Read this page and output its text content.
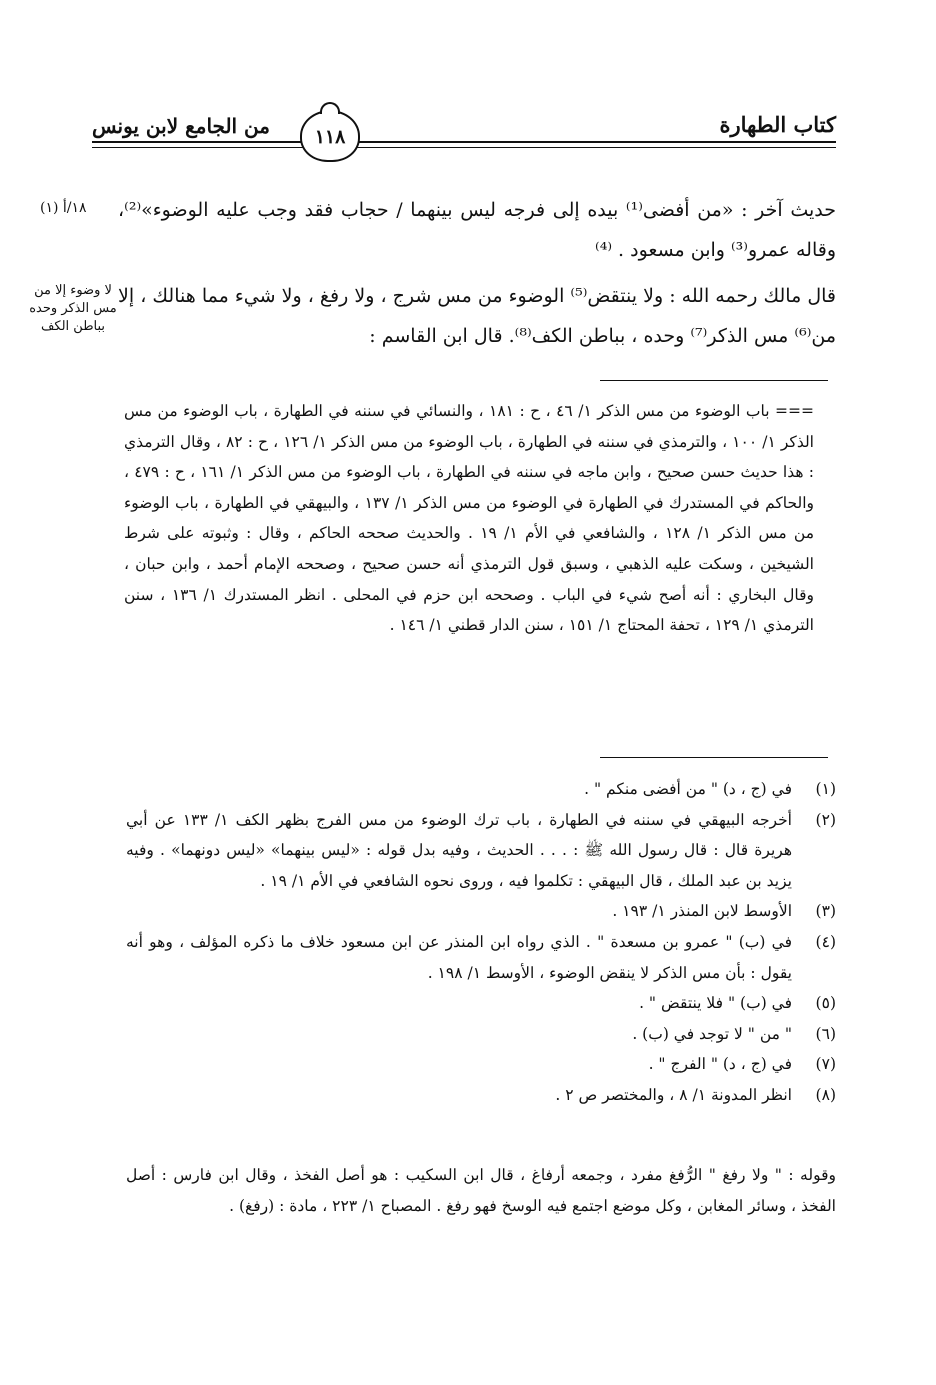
كتاب الطهارة
من الجامع لابن يونس	١١٨
١٨/أ (١)
لا وضوء إلا من مس الذكر وحده بباطن الكف
حديث آخر : «من أفضى⁽¹⁾ بيده إلى فرجه ليس بينهما / حجاب فقد وجب عليه الوضوء»⁽²⁾، وقاله عمرو⁽³⁾ وابن مسعود . ⁽⁴⁾
قال مالك رحمه الله : ولا ينتقض⁽⁵⁾ الوضوء من مس شرج ، ولا رفغ ، ولا شيء مما هنالك ، إلا من⁽⁶⁾ مس الذكر⁽⁷⁾ وحده ، بباطن الكف⁽⁸⁾. قال ابن القاسم :
=== باب الوضوء من مس الذكر ١/ ٤٦ ، ح : ١٨١ ، والنسائي في سننه في الطهارة ، باب الوضوء من مس الذكر ١/ ١٠٠ ، والترمذي في سننه في الطهارة ، باب الوضوء من مس الذكر ١/ ١٢٦ ، ح : ٨٢ ، وقال الترمذي : هذا حديث حسن صحيح ، وابن ماجه في سننه في الطهارة ، باب الوضوء من مس الذكر ١/ ١٦١ ، ح : ٤٧٩ ، والحاكم في المستدرك في الطهارة في الوضوء من مس الذكر ١/ ١٣٧ ، والبيهقي في الطهارة ، باب الوضوء من مس الذكر ١/ ١٢٨ ، والشافعي في الأم ١/ ١٩ . والحديث صححه الحاكم ، وقال : وثبوته على شرط الشيخين ، وسكت عليه الذهبي ، وسبق قول الترمذي أنه حسن صحيح ، وصححه الإمام أحمد ، وابن حبان ، وقال البخاري : أنه أصح شيء في الباب . وصححه ابن حزم في المحلى . انظر المستدرك ١/ ١٣٦ ، سنن الترمذي ١/ ١٢٩ ، تحفة المحتاج ١/ ١٥١ ، سنن الدار قطني ١/ ١٤٦ .
(١)
في (ج ، د) " من أفضى منكم " .
(٢)
أخرجه البيهقي في سننه في الطهارة ، باب ترك الوضوء من مس الفرج بظهر الكف ١/ ١٣٣ عن أبي هريرة قال : قال رسول الله ﷺ : . . . الحديث ، وفيه بدل قوله : «ليس بينهما» «ليس دونهما» . وفيه يزيد بن عبد الملك ، قال البيهقي : تكلموا فيه ، وروى نحوه الشافعي في الأم ١/ ١٩ .
(٣)
الأوسط لابن المنذر ١/ ١٩٣ .
(٤)
في (ب) " عمرو بن مسعدة " . الذي رواه ابن المنذر عن ابن مسعود خلاف ما ذكره المؤلف ، وهو أنه يقول : بأن مس الذكر لا ينقض الوضوء ، الأوسط ١/ ١٩٨ .
(٥)
في (ب) " فلا ينتقض " .
(٦)
" من " لا توجد في (ب) .
(٧)
في (ج ، د) " الفرج " .
(٨)
انظر المدونة ١/ ٨ ، والمختصر ص ٢ .
وقوله : " ولا رفغ " الرُّفغ مفرد ، وجمعه أرفاغ ، قال ابن السكيب : هو أصل الفخذ ، وقال ابن فارس : أصل الفخذ ، وسائر المغابن ، وكل موضع اجتمع فيه الوسخ فهو رفغ . المصباح ١/ ٢٢٣ ، مادة : (رفغ) .
